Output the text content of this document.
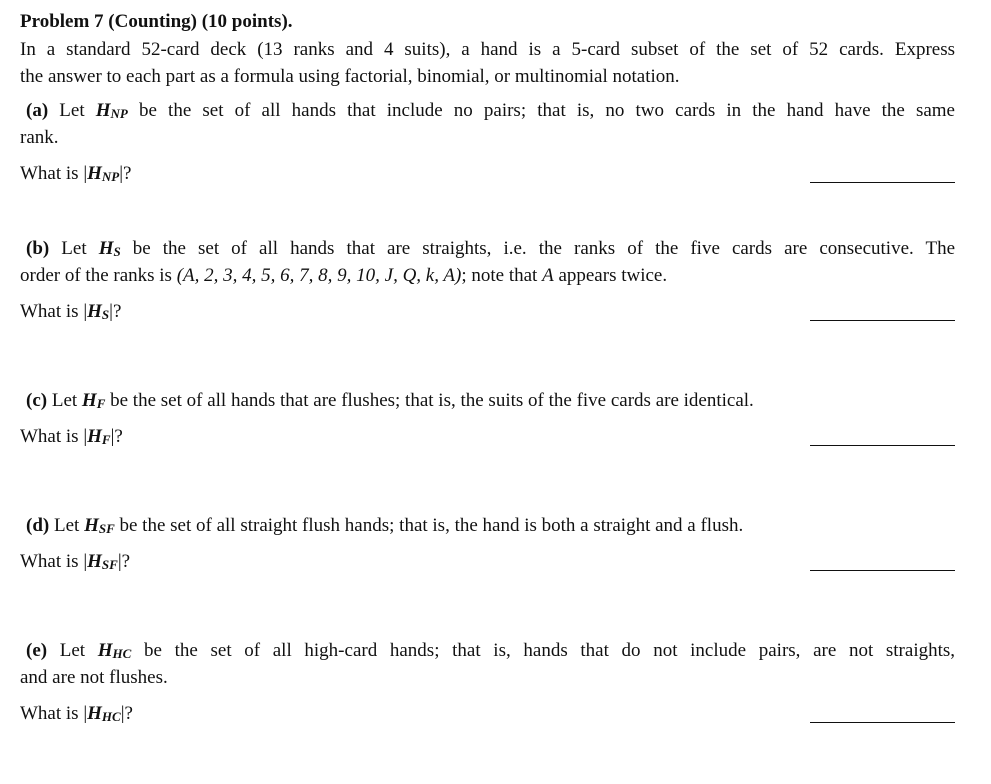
Problem 7 (Counting) (10 points).
In a standard 52-card deck (13 ranks and 4 suits), a hand is a 5-card subset of the set of 52 cards. Express
the answer to each part as a formula using factorial, binomial, or multinomial notation.
(a) Let $H_{NP}$ be the set of all hands that include no pairs; that is, no two cards in the hand have the same
rank.
What is $|H_{NP}|$?
(b) Let $H_S$ be the set of all hands that are straights, i.e. the ranks of the five cards are consecutive. The
order of the ranks is (A, 2, 3, 4, 5, 6, 7, 8, 9, 10, J, Q, k, A); note that A appears twice.
What is $|H_S|$?
(c) Let $H_F$ be the set of all hands that are flushes; that is, the suits of the five cards are identical.
What is $|H_F|$?
(d) Let $H_{SF}$ be the set of all straight flush hands; that is, the hand is both a straight and a flush.
What is $|H_{SF}|$?
(e) Let $H_{HC}$ be the set of all high-card hands; that is, hands that do not include pairs, are not straights,
and are not flushes.
What is $|H_{HC}|$?
